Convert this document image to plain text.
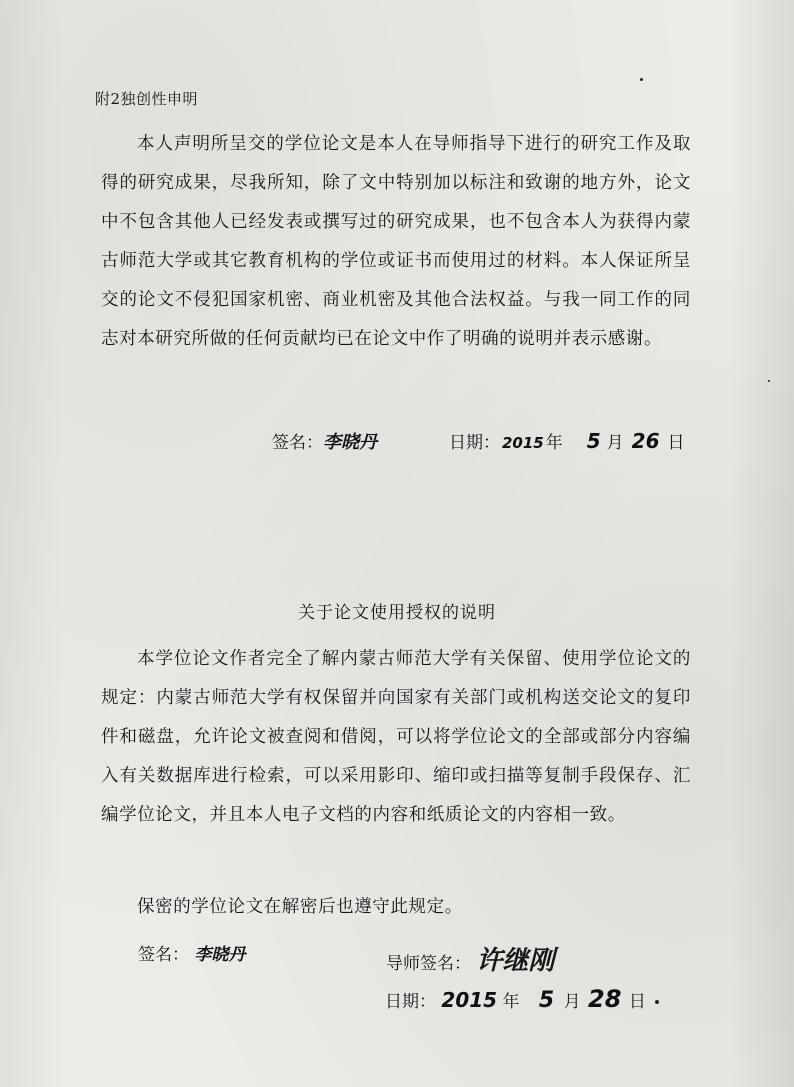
附2独创性申明
本人声明所呈交的学位论文是本人在导师指导下进行的研究工作及取得的研究成果，尽我所知，除了文中特别加以标注和致谢的地方外，论文中不包含其他人已经发表或撰写过的研究成果，也不包含本人为获得内蒙古师范大学或其它教育机构的学位或证书而使用过的材料。本人保证所呈交的论文不侵犯国家机密、商业机密及其他合法权益。与我一同工作的同志对本研究所做的任何贡献均已在论文中作了明确的说明并表示感谢。
签名： 李晓丹	日期： 2015 年 5 月 26 日
关于论文使用授权的说明
本学位论文作者完全了解内蒙古师范大学有关保留、使用学位论文的规定：内蒙古师范大学有权保留并向国家有关部门或机构送交论文的复印件和磁盘，允许论文被查阅和借阅，可以将学位论文的全部或部分内容编入有关数据库进行检索，可以采用影印、缩印或扫描等复制手段保存、汇编学位论文，并且本人电子文档的内容和纸质论文的内容相一致。
保密的学位论文在解密后也遵守此规定。
签名： 李晓丹	导师签名： 许继刚
日期： 2015 年 5 月 28 日
